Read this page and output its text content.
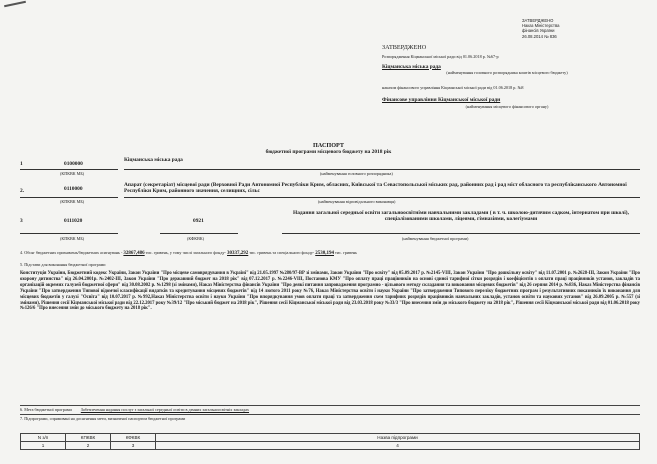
ЗАТВЕРДЖЕНО
Наказ Міністерства
фінансів України
26.08.2014 № 836
ЗАТВЕРДЖЕНО
Розпорядження Кіцманської міської ради від 01.06.2018 р. №67-р
Кіцманська міська рада
(найменування головного розпорядника коштів місцевого бюджету)
наказом фінансового управління Кіцманської міської ради від 01.06.2018 р. №8
Фінансове управління Кіцманської міської ради
(найменування місцевого фінансового органу)
ПАСПОРТ
бюджетної програми місцевого бюджету на 2018 рік
1	0100000
Кіцманська міська рада
(КПКВК МБ)	(найменування головного розпорядника)
2.	0110000
Апарат (секретаріат) місцевої ради (Верховної Ради Автономної Республіки Крим, обласних, Київської та Севастопольської міських рад, районних рад і рад міст обласного та республіканського Автономної Республіки Крим, районного значення, селищних, сільс
(КПКВК МБ)	(найменування відповідального виконавця)
3	0111020	0921
Надання загальної середньої освіти загальноосвітніми навчальними закладами ( в т. ч. школою-дитячим садком, інтернатом при школі), спеціалізованими школами, ліцеями, гімназіями, колегіумами
(КПКВК МБ)	(КФКВК)	(найменування бюджетної програми)
4. Обсяг бюджетних призначень/бюджетних асигнувань - 32867,486 тис. гривень, у тому числі загального фонду- 30337,292 тис. гривень та спеціального фонду- 2530,194 тис. гривень
5. Підстави для виконання бюджетної програми
Конституція України, Бюджетний кодекс України, Закон України "Про місцеве самоврядування в Україні" від 21.05.1997 №280/97-ВР зі змінами, Закон України "Про освіту" від 05.09.2017 р. №2145-VIII, Закон України "Про дошкільну освіту" від 11.07.2001 р. №2628-III, Закон України "Про охорону дитинства" від 26.04.2001р. №2402-III, Закон України "Про державний бюджет на 2018 рік" від 07.12.2017 р. №2246-VIII, Постанова КМУ "Про оплату праці працівників на основі єдиної тарифної сітки розрядів і коефіцієнтів з оплати праці працівників установ, закладів та організацій окремих галузей бюджетної сфери" від 30.08.2002 р. №1298 (зі змінами), Наказ Міністерства фінансів України "Про деякі питання запровадження програмно - цільового методу складання та виконання місцевих бюджетів" від 26 серпня 2014 р. №836, Наказ Міністерства фінансів України "Про затвердження Типової відомчої класифікації видатків та кредитування місцевих бюджетів" від 14 лютого 2011 року №76, Наказ Міністерства освіти і науки України "Про затвердження Типового переліку бюджетних програм і результативних показників їх виконання для місцевих бюджетів у галузі "Освіта" від 10.07.2017 р. №992,Наказ Міністерства освіти і науки України "Про впорядкування умов оплати праці та затвердження схем тарифних розрядів працівників навчальних закладів, установ освіти та наукових установ" від 26.09.2005 р. №557 (зі змінами), Рішення сесії Кіцманської міської ради від 22.12.2017 року №39/12 "Про міський бюджет на 2018 рік", Рішення сесії Кіцманської міської ради від 23.03.2018 року №33/3 "Про внесення змін до міського бюджету на 2018 рік", Рішення сесії Кіцманської міської ради від 01.06.2018 року №126/6 "Про внесення змін до міського бюджету на 2018 рік".
6. Мета бюджетної програми Забезпечення надання послуг з загальної середньої освіти в денних загальноосвітніх закладах
7. Підпрограми, спрямовані на досягнення мети, визначеної паспортом бюджетної програми
N з/п	КПКВК	КФКВК	Назва підпрограми
1	2	3	4
